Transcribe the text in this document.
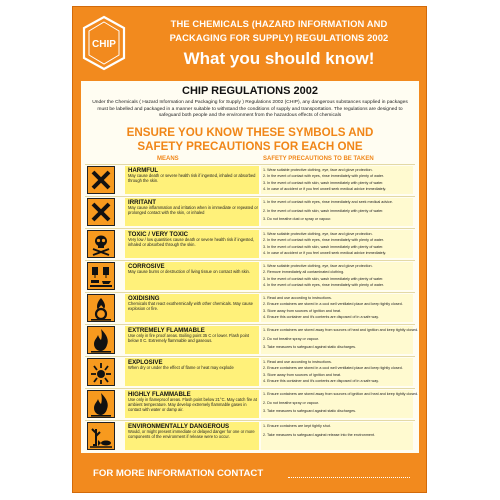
CHIP
THE CHEMICALS (HAZARD INFORMATION AND
PACKAGING FOR SUPPLY) REGULATIONS 2002
What you should know!
CHIP REGULATIONS 2002
Under the Chemicals ( Hazard Information and Packaging for Supply ) Regulations 2002 (CHIP), any dangerous substances supplied in packages must be labelled and packaged in a manner suitable to withstand the conditions of supply and transportation. The regulations are designed to safeguard both people and the environment from the hazardous effects of chemicals
ENSURE YOU KNOW THESE SYMBOLS AND
SAFETY PRECAUTIONS FOR EACH ONE
MEANS	SAFETY PRECAUTIONS TO BE TAKEN
HARMFUL
May cause death or severe health risk if ingested, inhaled or absorbed through the skin.
1. Wear suitable protective clothing, eye, face and glove protection.
2. In the event of contact with eyes, rinse immediately with plenty of water.
3. In the event of contact with skin, wash immediately with plenty of water.
4. In case of accident or if you feel unwell seek medical advice immediately.
IRRITANT
May cause inflammation and irritation when in immediate or repeated or prolonged contact with the skin, or inhaled
1. In the event of contact with eyes, rinse immediately and seek medical advice.
2. In the event of contact with skin, wash immediately with plenty of water.
3. Do not breathe dust or spray or vapour.
TOXIC / VERY TOXIC
Very low / low quantities cause death or severe health risk if ingested, inhaled or absorbed through the skin.
1. Wear suitable protective clothing, eye, face and glove protection.
2. In the event of contact with eyes, rinse immediately with plenty of water.
3. In the event of contact with skin, wash immediately with plenty of water.
4. In case of accident or if you feel unwell seek medical advice immediately.
CORROSIVE
May cause burns or destruction of living tissue on contact with skin.
1. Wear suitable protective clothing, eye, face and glove protection.
2. Remove immediately all contaminated clothing.
3. In the event of contact with skin, wash immediately with plenty of water.
4. In the event of contact with eyes, rinse immediately with plenty of water.
OXIDISING
Chemicals that react exothermically with other chemicals. May cause explosion or fire.
1. Read and use according to instructions.
2. Ensure containers are stored in a cool well ventilated place and keep tightly closed.
3. Store away from sources of ignition and heat.
4. Ensure this container and it's contents are disposed of in a safe way.
EXTREMELY FLAMMABLE
Use only in fire proof areas. Boiling point 35 C or lower. Flash point below 0 C. Extremely flammable and gaseous.
1. Ensure containers are stored away from sources of heat and ignition and keep tightly closed.
2. Do not breathe spray or vapour.
3. Take measures to safeguard against static discharges.
EXPLOSIVE
When dry or under the effect of flame or heat may explode
1. Read and use according to instructions.
2. Ensure containers are stored in a cool well ventilated place and keep tightly closed.
3. Store away from sources of ignition and heat.
4. Ensure this container and it's contents are disposed of in a safe way.
HIGHLY FLAMMABLE
Use only in flameproof areas. Flash point below 21°C. May catch fire at ambient temperature. May develop extremely flammable gases in contact with water or damp air.
1. Ensure containers are stored away from sources of ignition and heat and keep tightly closed.
2. Do not breathe spray or vapour.
3. Take measures to safeguard against static discharges.
ENVIRONMENTALLY DANGEROUS
Would, or might present immediate or delayed danger for one or more components of the environment if release were to occur.
1. Ensure containers are kept tightly shut.
2. Take measures to safeguard against release into the environment.
FOR MORE INFORMATION CONTACT
